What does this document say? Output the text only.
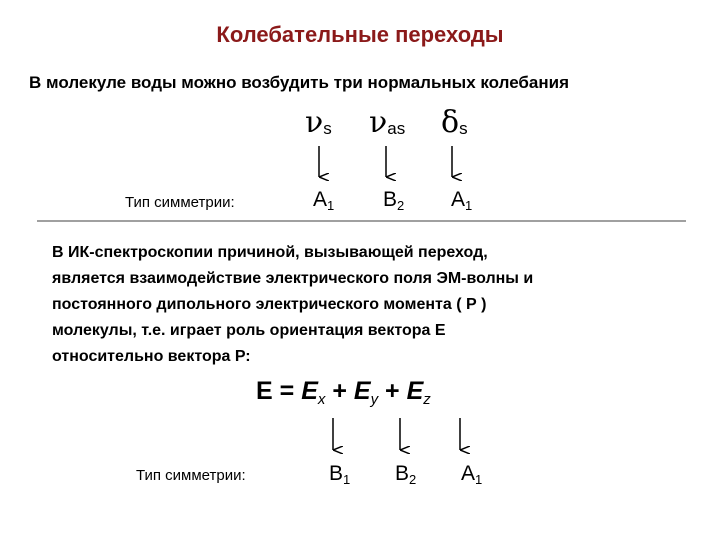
Колебательные переходы
В молекуле воды можно возбудить три нормальных колебания
$\nu_s$ $\nu_{as}$ $\delta_s$
Тип симметрии:	$A_1$ $B_2$ $A_1$
В ИК-спектроскопии причиной, вызывающей переход,
является взаимодействие электрического поля ЭМ-волны и
постоянного дипольного электрического момента ( Р )
молекулы, т.е. играет роль ориентация вектора Е
относительно вектора Р:
$E = E_x + E_y + E_z$
Тип симметрии:	$B_1$ $B_2$ $A_1$
